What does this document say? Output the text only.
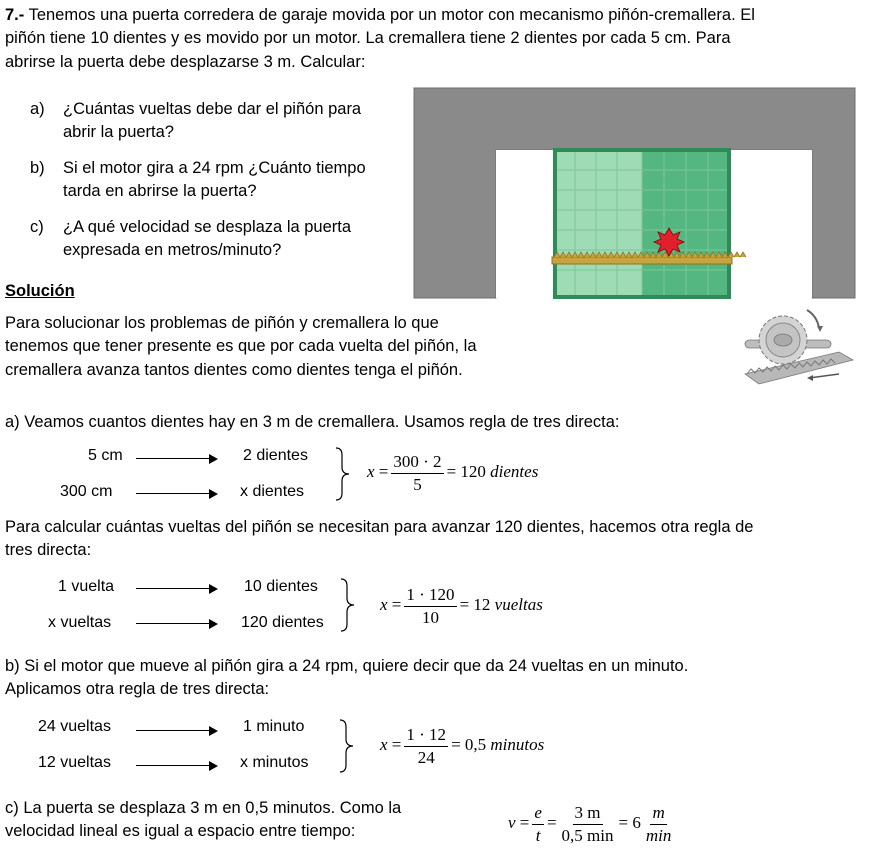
7.- Tenemos una puerta corredera de garaje movida por un motor con mecanismo piñón-cremallera. El
piñón tiene 10 dientes y es movido por un motor. La cremallera tiene 2 dientes por cada 5 cm. Para
abrirse la puerta debe desplazarse 3 m. Calcular:
a) ¿Cuántas vueltas debe dar el piñón para
abrir la puerta?
b) Si el motor gira a 24 rpm ¿Cuánto tiempo
tarda en abrirse la puerta?
c) ¿A qué velocidad se desplaza la puerta
expresada en metros/minuto?
Solución
Para solucionar los problemas de piñón y cremallera lo que
tenemos que tener presente es que por cada vuelta del piñón, la
cremallera avanza tantos dientes como dientes tenga el piñón.
a) Veamos cuantos dientes hay en 3 m de cremallera. Usamos regla de tres directa:
5 cm	2 dientes
300 cm	x dientes
$x = \frac{300 \cdot 2}{5} = 120$ dientes
Para calcular cuántas vueltas del piñón se necesitan para avanzar 120 dientes, hacemos otra regla de
tres directa:
1 vuelta	10 dientes
x vueltas	120 dientes
$x = \frac{1 \cdot 120}{10} = 12$ vueltas
b) Si el motor que mueve al piñón gira a 24 rpm, quiere decir que da 24 vueltas en un minuto.
Aplicamos otra regla de tres directa:
24 vueltas	1 minuto
12 vueltas	x minutos
$x = \frac{1 \cdot 12}{24} = 0,5$ minutos
c) La puerta se desplaza 3 m en 0,5 minutos. Como la
velocidad lineal es igual a espacio entre tiempo:	$v = \frac{e}{t} = \frac{3 m}{0,5 \min} = 6 \frac{m}{\min}$
